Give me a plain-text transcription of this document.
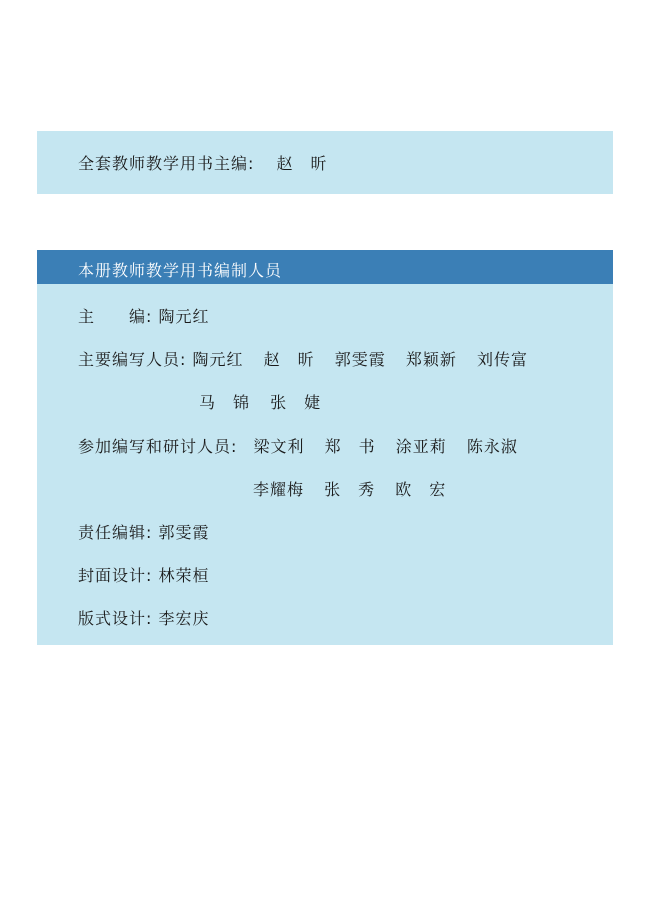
全套教师教学用书主编: 赵　昕
本册教师教学用书编制人员
主　　编: 陶元红
主要编写人员: 陶元红 赵　昕 郭雯霞 郑颖新 刘传富
马　锦 张　婕
参加编写和研讨人员: 梁文利 郑　书 涂亚莉 陈永淑
李耀梅 张　秀 欧　宏
责任编辑: 郭雯霞
封面设计: 林荣桓
版式设计: 李宏庆
